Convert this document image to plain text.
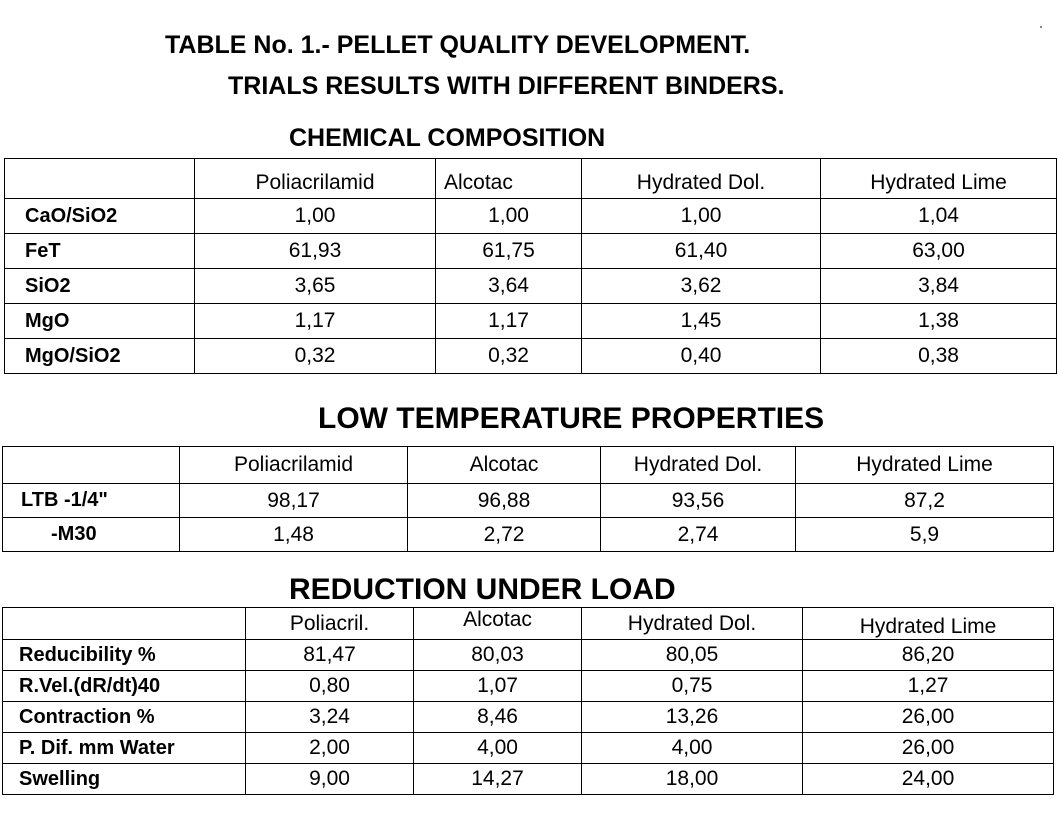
TABLE No. 1.- PELLET QUALITY DEVELOPMENT.
TRIALS RESULTS WITH DIFFERENT BINDERS.
CHEMICAL COMPOSITION
	Poliacrilamid	Alcotac	Hydrated Dol.	Hydrated Lime
CaO/SiO2	1,00	1,00	1,00	1,04
FeT	61,93	61,75	61,40	63,00
SiO2	3,65	3,64	3,62	3,84
MgO	1,17	1,17	1,45	1,38
MgO/SiO2	0,32	0,32	0,40	0,38
LOW TEMPERATURE PROPERTIES
	Poliacrilamid	Alcotac	Hydrated Dol.	Hydrated Lime
LTB -1/4"	98,17	96,88	93,56	87,2
-M30	1,48	2,72	2,74	5,9
REDUCTION UNDER LOAD
	Poliacril.	Alcotac	Hydrated Dol.	Hydrated Lime
Reducibility %	81,47	80,03	80,05	86,20
R.Vel.(dR/dt)40	0,80	1,07	0,75	1,27
Contraction %	3,24	8,46	13,26	26,00
P. Dif. mm Water	2,00	4,00	4,00	26,00
Swelling	9,00	14,27	18,00	24,00
